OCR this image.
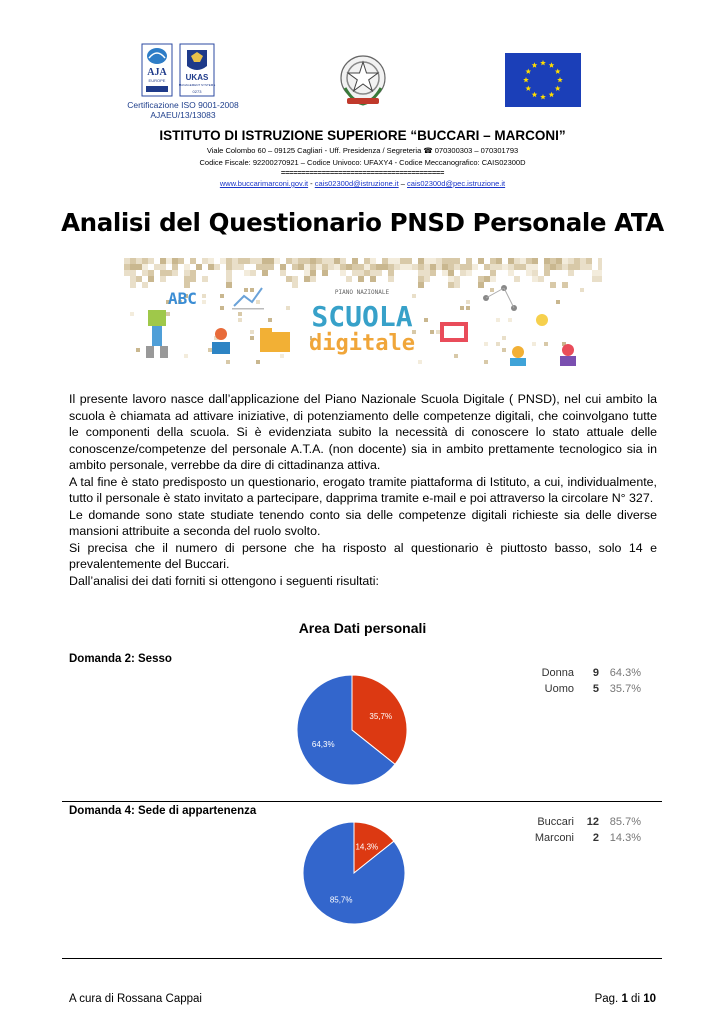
AJA
EUROPE	UKAS
MANAGEMENT SYSTEMS
0273
Certificazione ISO 9001-2008
AJAEU/13/13083
ISTITUTO DI ISTRUZIONE SUPERIORE “BUCCARI – MARCONI”
Viale Colombo 60 – 09125 Cagliari - Uff. Presidenza / Segreteria ☎ 070300303 – 070301793
Codice Fiscale: 92200270921 – Codice Univoco: UFAXY4 - Codice Meccanografico: CAIS02300D
========================================
www.buccarimarconi.gov.it - cais02300d@istruzione.it – cais02300d@pec.istruzione.it
Analisi del Questionario PNSD Personale ATA
ABC	PIANO NAZIONALE
SCUOLA
digitale

Il presente lavoro nasce dall’applicazione del Piano Nazionale Scuola Digitale ( PNSD), nel cui ambito la scuola è chiamata ad attivare iniziative, di potenziamento delle competenze digitali, che coinvolgano tutte le componenti della scuola. Si è evidenziata subito la necessità di conoscere lo stato attuale delle conoscenze/competenze del personale A.T.A. (non docente) sia in ambito prettamente tecnologico sia in ambito personale, verrebbe da dire di cittadinanza attiva.

A tal fine è stato predisposto un questionario, erogato tramite piattaforma di Istituto, a cui, individualmente, tutto il personale è stato invitato a partecipare, dapprima tramite e-mail e poi attraverso la circolare N° 327.

Le domande sono state studiate tenendo conto sia delle competenze digitali richieste sia delle diverse mansioni attribuite a seconda del ruolo svolto.

Si precisa che il numero di persone che ha risposto al questionario è piuttosto basso, solo 14 e prevalentemente del Buccari.

Dall’analisi dei dati forniti si ottengono i seguenti risultati:

Area Dati personali
Domanda 2: Sesso
35,7%
64,3%
Donna	9 64.3%
Uomo	5 35.7%
Domanda 4: Sede di appartenenza
14,3%
85,7%
Buccari	12 85.7%
Marconi	2 14.3%
A cura di Rossana Cappai	Pag. 1 di 10
